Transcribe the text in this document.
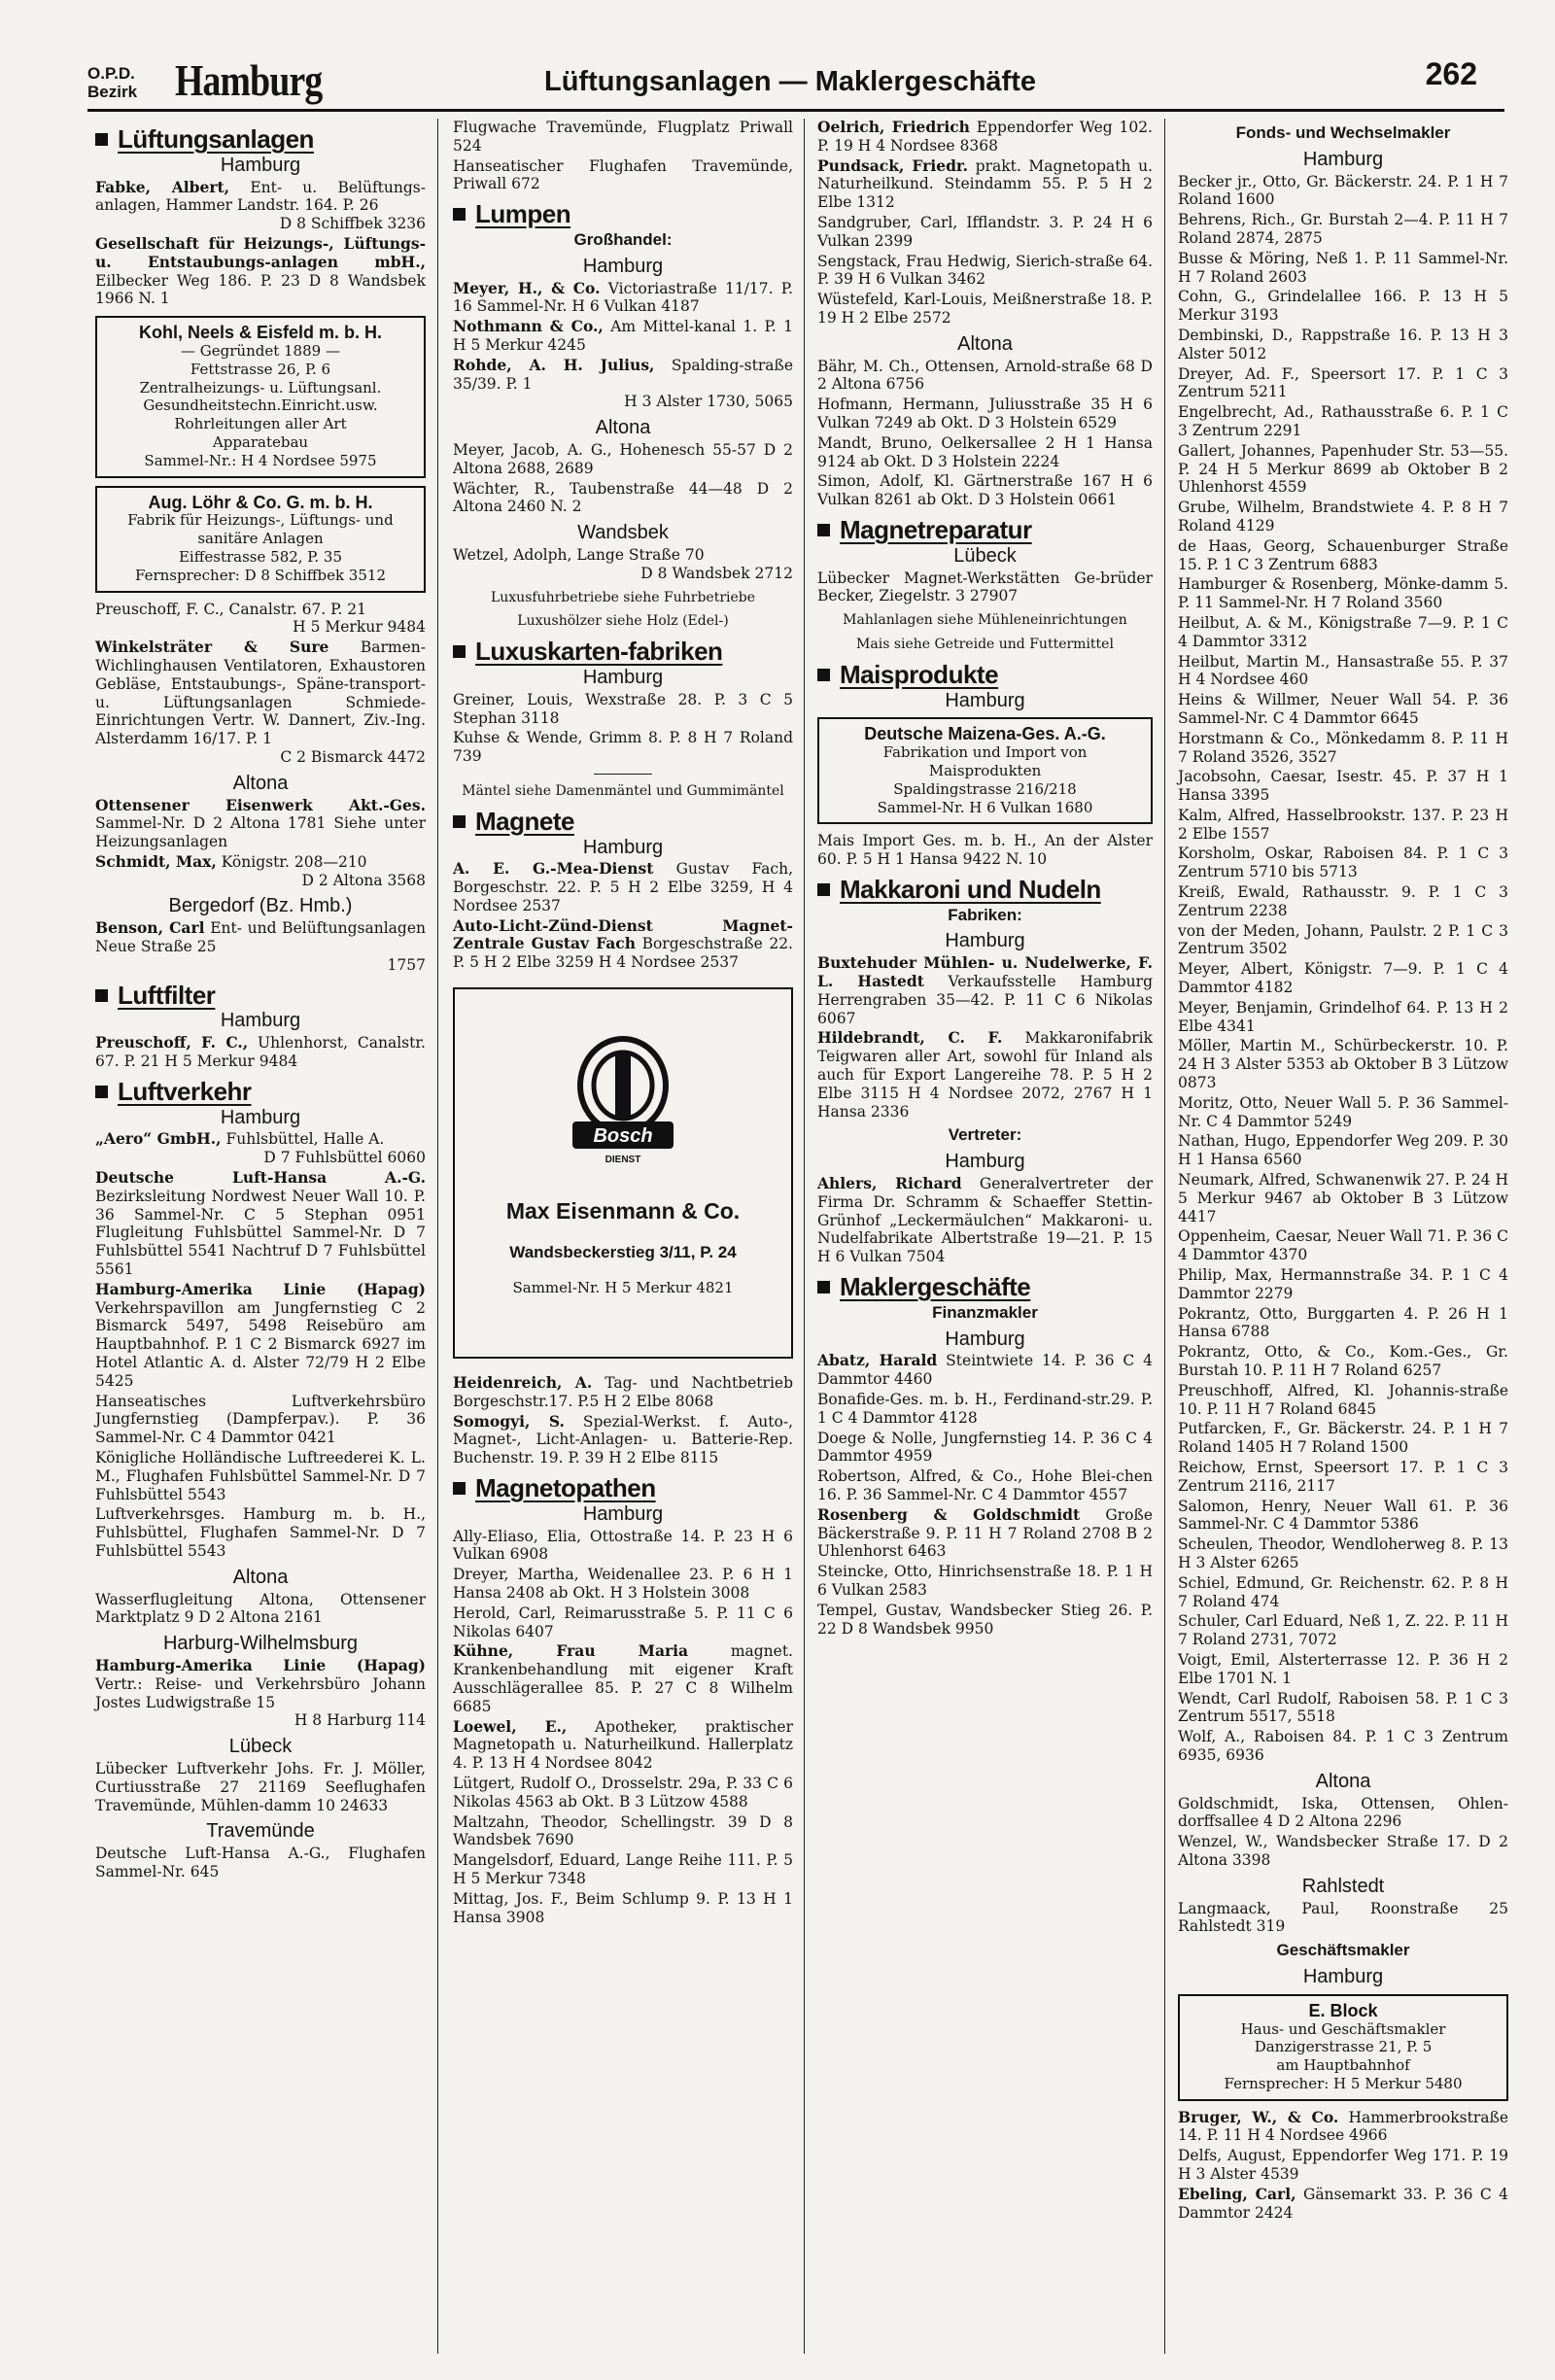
O.P.D.
Bezirk Hamburg	Lüftungsanlagen — Maklergeschäfte	262
Lüftungsanlagen
Hamburg
Fabke, Albert, Ent- u. Belüftungs-anlagen, Hammer Landstr. 164. P. 26
D 8 Schiffbek 3236
Gesellschaft für Heizungs-, Lüftungs- u. Entstaubungs-anlagen mbH., Eilbecker Weg 186. P. 23 D 8 Wandsbek 1966 N. 1
Kohl, Neels & Eisfeld m. b. H.
— Gegründet 1889 —
Fettstrasse 26, P. 6
Zentralheizungs- u. Lüftungsanl.
Gesundheitstechn.Einricht.usw.
Rohrleitungen aller Art
Apparatebau
Sammel-Nr.: H 4 Nordsee 5975
Aug. Löhr & Co. G. m. b. H.
Fabrik für Heizungs-, Lüftungs- und sanitäre Anlagen
Eiffestrasse 582, P. 35
Fernsprecher: D 8 Schiffbek 3512
Preuschoff, F. C., Canalstr. 67. P. 21
H 5 Merkur 9484
Winkelsträter & Sure Barmen-Wichlinghausen Ventilatoren, Exhaustoren Gebläse, Entstaubungs-, Späne-transport- u. Lüftungsanlagen Schmiede-Einrichtungen Vertr. W. Dannert, Ziv.-Ing. Alsterdamm 16/17. P. 1
C 2 Bismarck 4472
Altona
Ottensener Eisenwerk Akt.-Ges. Sammel-Nr. D 2 Altona 1781 Siehe unter Heizungsanlagen
Schmidt, Max, Königstr. 208—210
D 2 Altona 3568
Bergedorf (Bz. Hmb.)
Benson, Carl Ent- und Belüftungsanlagen Neue Straße 25
1757
Luftfilter
Hamburg
Preuschoff, F. C., Uhlenhorst, Canalstr. 67. P. 21 H 5 Merkur 9484
Luftverkehr
Hamburg
„Aero“ GmbH., Fuhlsbüttel, Halle A.
D 7 Fuhlsbüttel 6060
Deutsche Luft-Hansa A.-G. Bezirksleitung Nordwest Neuer Wall 10. P. 36 Sammel-Nr. C 5 Stephan 0951 Flugleitung Fuhlsbüttel Sammel-Nr. D 7 Fuhlsbüttel 5541 Nachtruf D 7 Fuhlsbüttel 5561
Hamburg-Amerika Linie (Hapag) Verkehrspavillon am Jungfernstieg C 2 Bismarck 5497, 5498 Reisebüro am Hauptbahnhof. P. 1 C 2 Bismarck 6927 im Hotel Atlantic A. d. Alster 72/79 H 2 Elbe 5425
Hanseatisches Luftverkehrsbüro Jungfernstieg (Dampferpav.). P. 36 Sammel-Nr. C 4 Dammtor 0421
Königliche Holländische Luftreederei K. L. M., Flughafen Fuhlsbüttel Sammel-Nr. D 7 Fuhlsbüttel 5543
Luftverkehrsges. Hamburg m. b. H., Fuhlsbüttel, Flughafen Sammel-Nr. D 7 Fuhlsbüttel 5543
Altona
Wasserflugleitung Altona, Ottensener Marktplatz 9 D 2 Altona 2161
Harburg-Wilhelmsburg
Hamburg-Amerika Linie (Hapag) Vertr.: Reise- und Verkehrsbüro Johann Jostes Ludwigstraße 15
H 8 Harburg 114
Lübeck
Lübecker Luftverkehr Johs. Fr. J. Möller, Curtiusstraße 27 21169 Seeflughafen Travemünde, Mühlen-damm 10 24633
Travemünde
Deutsche Luft-Hansa A.-G., Flughafen Sammel-Nr. 645
Flugwache Travemünde, Flugplatz Priwall 524
Hanseatischer Flughafen Travemünde, Priwall 672
Lumpen
Großhandel:
Hamburg
Meyer, H., & Co. Victoriastraße 11/17. P. 16 Sammel-Nr. H 6 Vulkan 4187
Nothmann & Co., Am Mittel-kanal 1. P. 1 H 5 Merkur 4245
Rohde, A. H. Julius, Spalding-straße 35/39. P. 1
H 3 Alster 1730, 5065
Altona
Meyer, Jacob, A. G., Hohenesch 55-57 D 2 Altona 2688, 2689
Wächter, R., Taubenstraße 44—48 D 2 Altona 2460 N. 2
Wandsbek
Wetzel, Adolph, Lange Straße 70
D 8 Wandsbek 2712
Luxusfuhrbetriebe siehe Fuhrbetriebe
Luxushölzer siehe Holz (Edel-)
Luxuskarten-fabriken
Hamburg
Greiner, Louis, Wexstraße 28. P. 3 C 5 Stephan 3118
Kuhse & Wende, Grimm 8. P. 8 H 7 Roland 739
Mäntel siehe Damenmäntel und Gummimäntel
Magnete
Hamburg
A. E. G.-Mea-Dienst Gustav Fach, Borgeschstr. 22. P. 5 H 2 Elbe 3259, H 4 Nordsee 2537
Auto-Licht-Zünd-Dienst Magnet-Zentrale Gustav Fach Borgeschstraße 22. P. 5 H 2 Elbe 3259 H 4 Nordsee 2537
Bosch
DIENST
Max Eisenmann & Co.
Wandsbeckerstieg 3/11, P. 24
Sammel-Nr. H 5 Merkur 4821
Heidenreich, A. Tag- und Nachtbetrieb Borgeschstr.17. P.5 H 2 Elbe 8068
Somogyi, S. Spezial-Werkst. f. Auto-, Magnet-, Licht-Anlagen- u. Batterie-Rep. Buchenstr. 19. P. 39 H 2 Elbe 8115
Magnetopathen
Hamburg
Ally-Eliaso, Elia, Ottostraße 14. P. 23 H 6 Vulkan 6908
Dreyer, Martha, Weidenallee 23. P. 6 H 1 Hansa 2408 ab Okt. H 3 Holstein 3008
Herold, Carl, Reimarusstraße 5. P. 11 C 6 Nikolas 6407
Kühne, Frau Maria	magnet. Krankenbehandlung mit eigener Kraft Ausschlägerallee 85. P. 27 C 8 Wilhelm 6685
Loewel, E., Apotheker, praktischer Magnetopath u. Naturheilkund. Hallerplatz 4. P. 13 H 4 Nordsee 8042
Lütgert, Rudolf O., Drosselstr. 29a, P. 33 C 6 Nikolas 4563 ab Okt. B 3 Lützow 4588
Maltzahn, Theodor, Schellingstr. 39 D 8 Wandsbek 7690
Mangelsdorf, Eduard, Lange Reihe 111. P. 5 H 5 Merkur 7348
Mittag, Jos. F., Beim Schlump 9. P. 13 H 1 Hansa 3908
Oelrich, Friedrich Eppendorfer Weg 102. P. 19 H 4 Nordsee 8368
Pundsack, Friedr. prakt. Magnetopath u. Naturheilkund. Steindamm 55. P. 5 H 2 Elbe 1312
Sandgruber, Carl, Ifflandstr. 3. P. 24 H 6 Vulkan 2399
Sengstack, Frau Hedwig, Sierich-straße 64. P. 39 H 6 Vulkan 3462
Wüstefeld, Karl-Louis, Meißnerstraße 18. P. 19 H 2 Elbe 2572
Altona
Bähr, M. Ch., Ottensen, Arnold-straße 68 D 2 Altona 6756
Hofmann, Hermann, Juliusstraße 35 H 6 Vulkan 7249 ab Okt. D 3 Holstein 6529
Mandt, Bruno, Oelkersallee 2 H 1 Hansa 9124 ab Okt. D 3 Holstein 2224
Simon, Adolf, Kl. Gärtnerstraße 167 H 6 Vulkan 8261 ab Okt. D 3 Holstein 0661
Magnetreparatur
Lübeck
Lübecker Magnet-Werkstätten Ge-brüder Becker, Ziegelstr. 3 27907
Mahlanlagen siehe Mühleneinrichtungen
Mais siehe Getreide und Futtermittel
Maisprodukte
Hamburg
Deutsche Maizena-Ges. A.-G.
Fabrikation und Import von Maisprodukten
Spaldingstrasse 216/218
Sammel-Nr. H 6 Vulkan 1680
Mais Import Ges. m. b. H., An der Alster 60. P. 5 H 1 Hansa 9422 N. 10
Makkaroni und Nudeln
Fabriken:
Hamburg
Buxtehuder Mühlen- u. Nudelwerke, F. L. Hastedt Verkaufsstelle Hamburg Herrengraben 35—42. P. 11 C 6 Nikolas 6067
Hildebrandt, C. F. Makkaronifabrik Teigwaren aller Art, sowohl für Inland als auch für Export Langereihe 78. P. 5 H 2 Elbe 3115 H 4 Nordsee 2072, 2767 H 1 Hansa 2336
Vertreter:
Hamburg
Ahlers, Richard Generalvertreter der Firma Dr. Schramm & Schaeffer Stettin-Grünhof „Leckermäulchen“ Makkaroni- u. Nudelfabrikate Albertstraße 19—21. P. 15 H 6 Vulkan 7504
Maklergeschäfte
Finanzmakler
Hamburg
Abatz, Harald Steintwiete 14. P. 36 C 4 Dammtor 4460
Bonafide-Ges. m. b. H., Ferdinand-str.29. P. 1 C 4 Dammtor 4128
Doege & Nolle, Jungfernstieg 14. P. 36 C 4 Dammtor 4959
Robertson, Alfred, & Co., Hohe Blei-chen 16. P. 36 Sammel-Nr. C 4 Dammtor 4557
Rosenberg & Goldschmidt Große Bäckerstraße 9. P. 11 H 7 Roland 2708 B 2 Uhlenhorst 6463
Steincke, Otto, Hinrichsenstraße 18. P. 1 H 6 Vulkan 2583
Tempel, Gustav, Wandsbecker Stieg 26. P. 22 D 8 Wandsbek 9950
Fonds- und Wechselmakler
Hamburg
Becker jr., Otto, Gr. Bäckerstr. 24. P. 1 H 7 Roland 1600
Behrens, Rich., Gr. Burstah 2—4. P. 11 H 7 Roland 2874, 2875
Busse & Möring, Neß 1. P. 11 Sammel-Nr. H 7 Roland 2603
Cohn, G., Grindelallee 166. P. 13 H 5 Merkur 3193
Dembinski, D., Rappstraße 16. P. 13 H 3 Alster 5012
Dreyer, Ad. F., Speersort 17. P. 1 C 3 Zentrum 5211
Engelbrecht, Ad., Rathausstraße 6. P. 1 C 3 Zentrum 2291
Gallert, Johannes, Papenhuder Str. 53—55. P. 24 H 5 Merkur 8699 ab Oktober B 2 Uhlenhorst 4559
Grube, Wilhelm, Brandstwiete 4. P. 8 H 7 Roland 4129
de Haas, Georg, Schauenburger Straße 15. P. 1 C 3 Zentrum 6883
Hamburger & Rosenberg, Mönke-damm 5. P. 11 Sammel-Nr. H 7 Roland 3560
Heilbut, A. & M., Königstraße 7—9. P. 1 C 4 Dammtor 3312
Heilbut, Martin M., Hansastraße 55. P. 37 H 4 Nordsee 460
Heins & Willmer, Neuer Wall 54. P. 36 Sammel-Nr. C 4 Dammtor 6645
Horstmann & Co., Mönkedamm 8. P. 11 H 7 Roland 3526, 3527
Jacobsohn, Caesar, Isestr. 45. P. 37 H 1 Hansa 3395
Kalm, Alfred, Hasselbrookstr. 137. P. 23 H 2 Elbe 1557
Korsholm, Oskar, Raboisen 84. P. 1 C 3 Zentrum 5710 bis 5713
Kreiß, Ewald, Rathausstr. 9. P. 1 C 3 Zentrum 2238
von der Meden, Johann, Paulstr. 2 P. 1 C 3 Zentrum 3502
Meyer, Albert, Königstr. 7—9. P. 1 C 4 Dammtor 4182
Meyer, Benjamin, Grindelhof 64. P. 13 H 2 Elbe 4341
Möller, Martin M., Schürbeckerstr. 10. P. 24 H 3 Alster 5353 ab Oktober B 3 Lützow 0873
Moritz, Otto, Neuer Wall 5. P. 36 Sammel-Nr. C 4 Dammtor 5249
Nathan, Hugo, Eppendorfer Weg 209. P. 30 H 1 Hansa 6560
Neumark, Alfred, Schwanenwik 27. P. 24 H 5 Merkur 9467 ab Oktober B 3 Lützow 4417
Oppenheim, Caesar, Neuer Wall 71. P. 36 C 4 Dammtor 4370
Philip, Max, Hermannstraße 34. P. 1 C 4 Dammtor 2279
Pokrantz, Otto, Burggarten 4. P. 26 H 1 Hansa 6788
Pokrantz, Otto, & Co., Kom.-Ges., Gr. Burstah 10. P. 11 H 7 Roland 6257
Preuschhoff, Alfred, Kl. Johannis-straße 10. P. 11 H 7 Roland 6845
Putfarcken, F., Gr. Bäckerstr. 24. P. 1 H 7 Roland 1405 H 7 Roland 1500
Reichow, Ernst, Speersort 17. P. 1 C 3 Zentrum 2116, 2117
Salomon, Henry, Neuer Wall 61. P. 36 Sammel-Nr. C 4 Dammtor 5386
Scheulen, Theodor, Wendloherweg 8. P. 13 H 3 Alster 6265
Schiel, Edmund, Gr. Reichenstr. 62. P. 8 H 7 Roland 474
Schuler, Carl Eduard, Neß 1, Z. 22. P. 11 H 7 Roland 2731, 7072
Voigt, Emil, Alsterterrasse 12. P. 36 H 2 Elbe 1701 N. 1
Wendt, Carl Rudolf, Raboisen 58. P. 1 C 3 Zentrum 5517, 5518
Wolf, A., Raboisen 84. P. 1 C 3 Zentrum 6935, 6936
Altona
Goldschmidt, Iska, Ottensen, Ohlen-dorffsallee 4 D 2 Altona 2296
Wenzel, W., Wandsbecker Straße 17. D 2 Altona 3398
Rahlstedt
Langmaack, Paul, Roonstraße 25 Rahlstedt 319
Geschäftsmakler
Hamburg
E. Block
Haus- und Geschäftsmakler
Danzigerstrasse 21, P. 5
am Hauptbahnhof
Fernsprecher: H 5 Merkur 5480
Bruger, W., & Co. Hammerbrookstraße 14. P. 11 H 4 Nordsee 4966
Delfs, August, Eppendorfer Weg 171. P. 19 H 3 Alster 4539
Ebeling, Carl, Gänsemarkt 33. P. 36 C 4 Dammtor 2424
